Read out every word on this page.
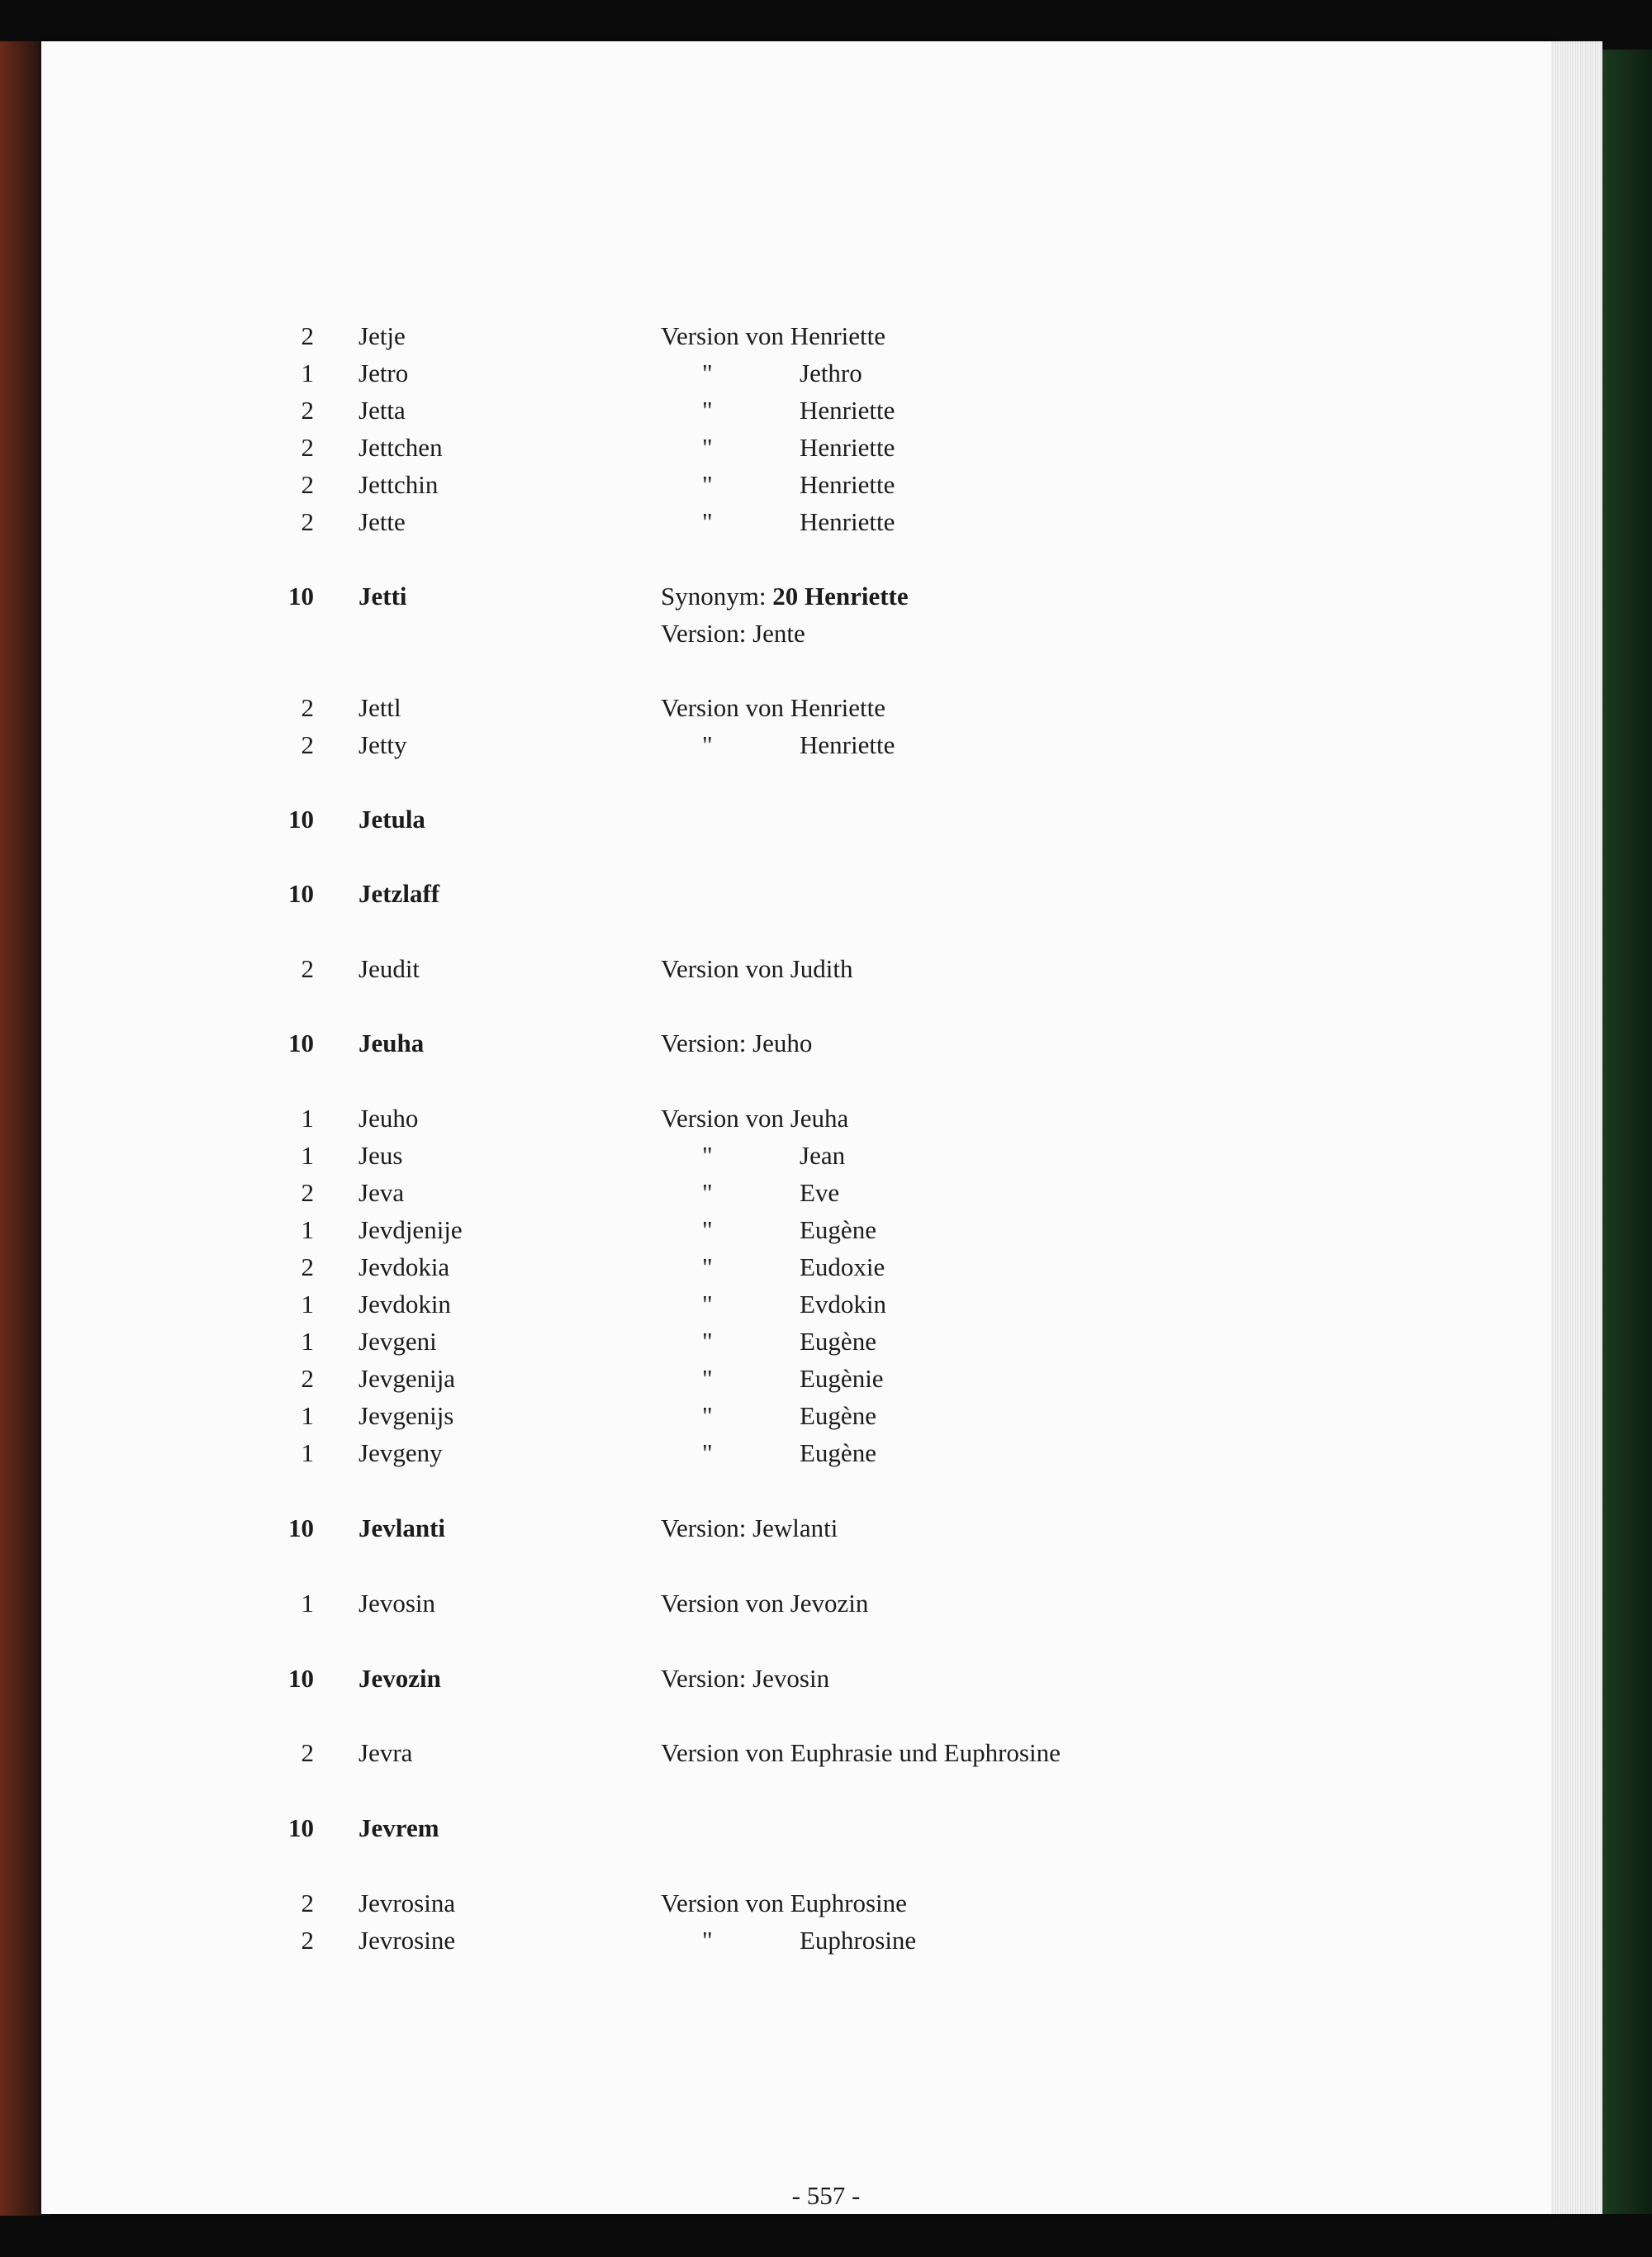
2 Jetje	Version von Henriette
1 Jetro	"	Jethro
2 Jetta	"	Henriette
2 Jettchen	"	Henriette
2 Jettchin	"	Henriette
2 Jette	"	Henriette
10 Jetti	Synonym: 20 Henriette
Version: Jente
2 Jettl	Version von Henriette
2 Jetty	"	Henriette
10 Jetula
10 Jetzlaff
2 Jeudit	Version von Judith
10 Jeuha	Version: Jeuho
1 Jeuho	Version von Jeuha
1 Jeus	"	Jean
2 Jeva	"	Eve
1 Jevdjenije	"	Eugène
2 Jevdokia	"	Eudoxie
1 Jevdokin	"	Evdokin
1 Jevgeni	"	Eugène
2 Jevgenija	"	Eugènie
1 Jevgenijs	"	Eugène
1 Jevgeny	"	Eugène
10 Jevlanti	Version: Jewlanti
1 Jevosin	Version von Jevozin
10 Jevozin	Version: Jevosin
2 Jevra	Version von Euphrasie und Euphrosine
10 Jevrem
2 Jevrosina	Version von Euphrosine
2 Jevrosine	"	Euphrosine
- 557 -
